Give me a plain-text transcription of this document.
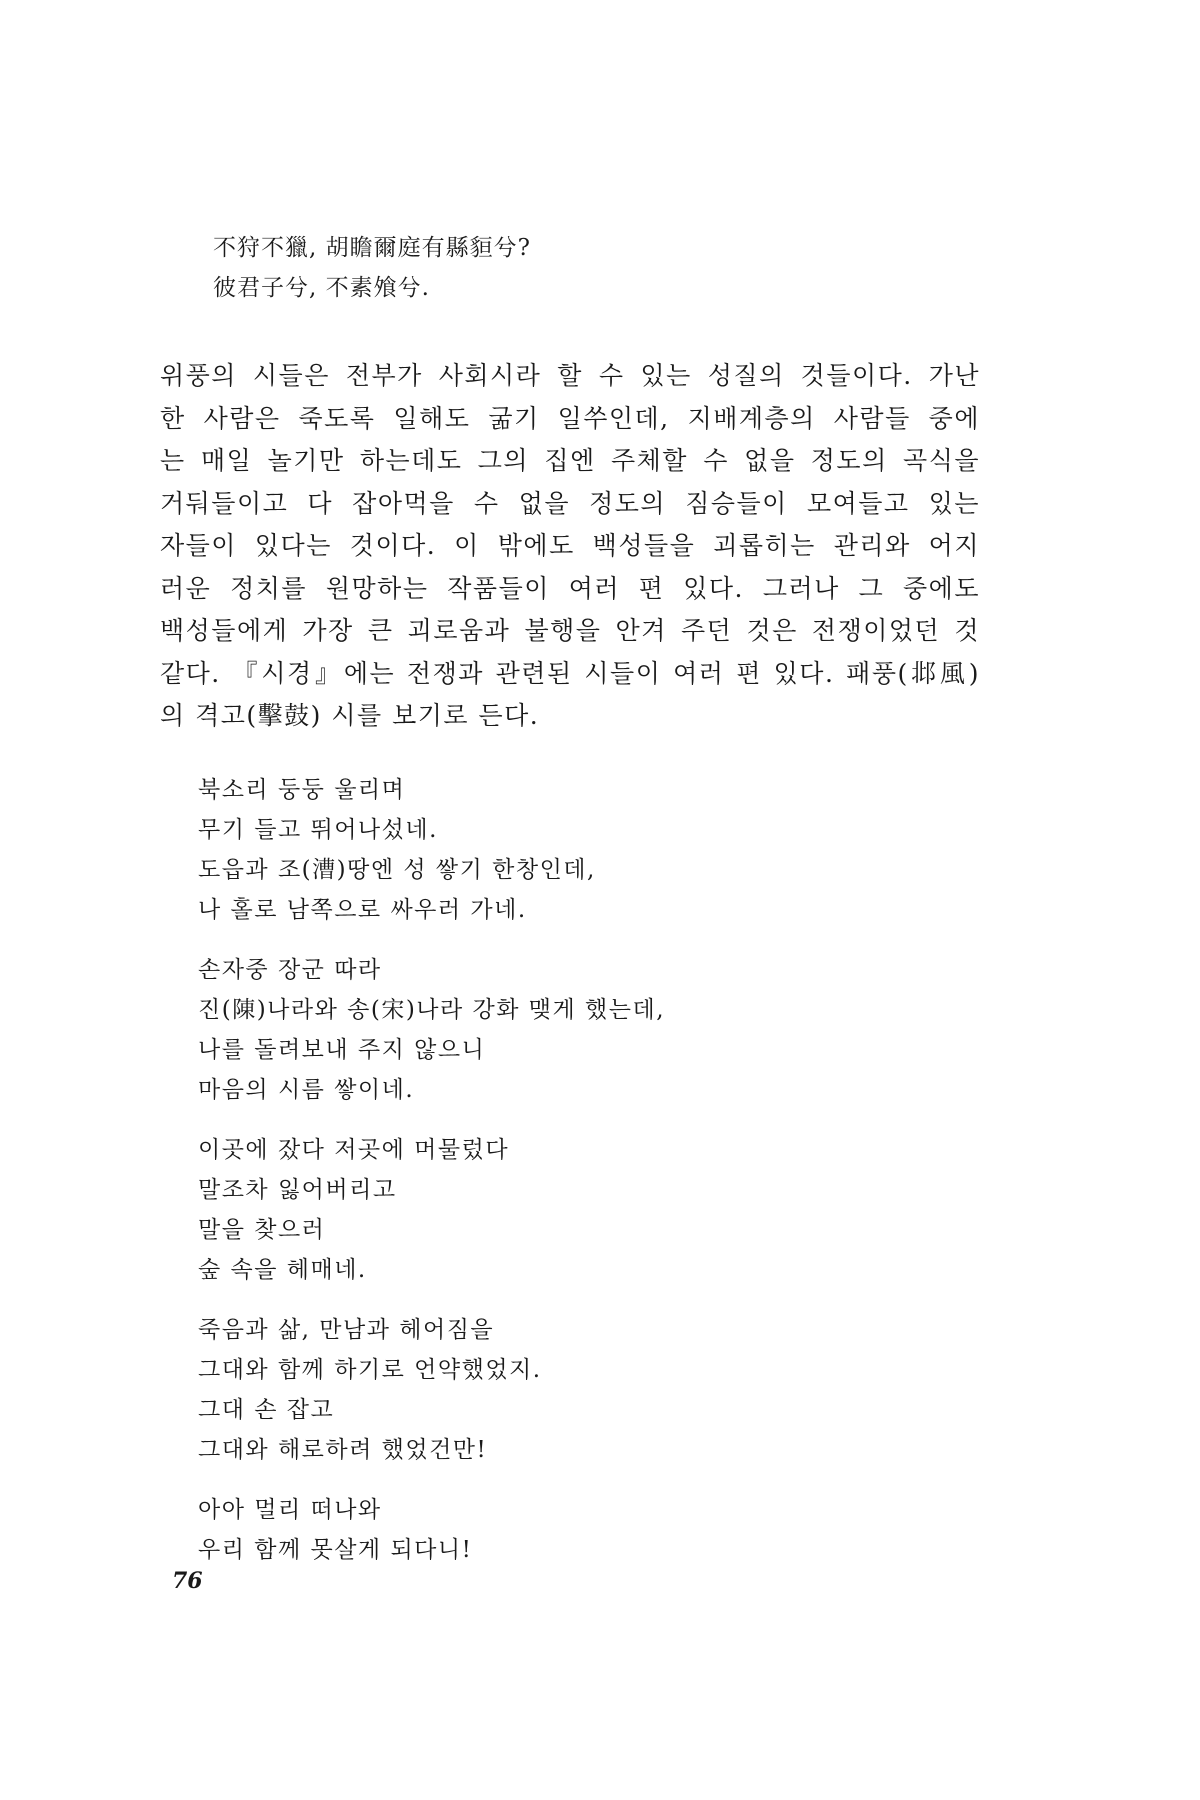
不狩不獵, 胡瞻爾庭有縣貆兮?
彼君子兮, 不素飧兮.
위풍의 시들은 전부가 사회시라 할 수 있는 성질의 것들이다. 가난
한 사람은 죽도록 일해도 굶기 일쑤인데, 지배계층의 사람들 중에
는 매일 놀기만 하는데도 그의 집엔 주체할 수 없을 정도의 곡식을
거둬들이고 다 잡아먹을 수 없을 정도의 짐승들이 모여들고 있는
자들이 있다는 것이다. 이 밖에도 백성들을 괴롭히는 관리와 어지
러운 정치를 원망하는 작품들이 여러 편 있다. 그러나 그 중에도
백성들에게 가장 큰 괴로움과 불행을 안겨 주던 것은 전쟁이었던 것
같다. 『시경』에는 전쟁과 관련된 시들이 여러 편 있다. 패풍(邶風)
의 격고(擊鼓) 시를 보기로 든다.
북소리 둥둥 울리며
무기 들고 뛰어나섰네.
도읍과 조(漕)땅엔 성 쌓기 한창인데,
나 홀로 남쪽으로 싸우러 가네.
손자중 장군 따라
진(陳)나라와 송(宋)나라 강화 맺게 했는데,
나를 돌려보내 주지 않으니
마음의 시름 쌓이네.
이곳에 잤다 저곳에 머물렀다
말조차 잃어버리고
말을 찾으러
숲 속을 헤매네.
죽음과 삶, 만남과 헤어짐을
그대와 함께 하기로 언약했었지.
그대 손 잡고
그대와 해로하려 했었건만!
아아 멀리 떠나와
우리 함께 못살게 되다니!
76
